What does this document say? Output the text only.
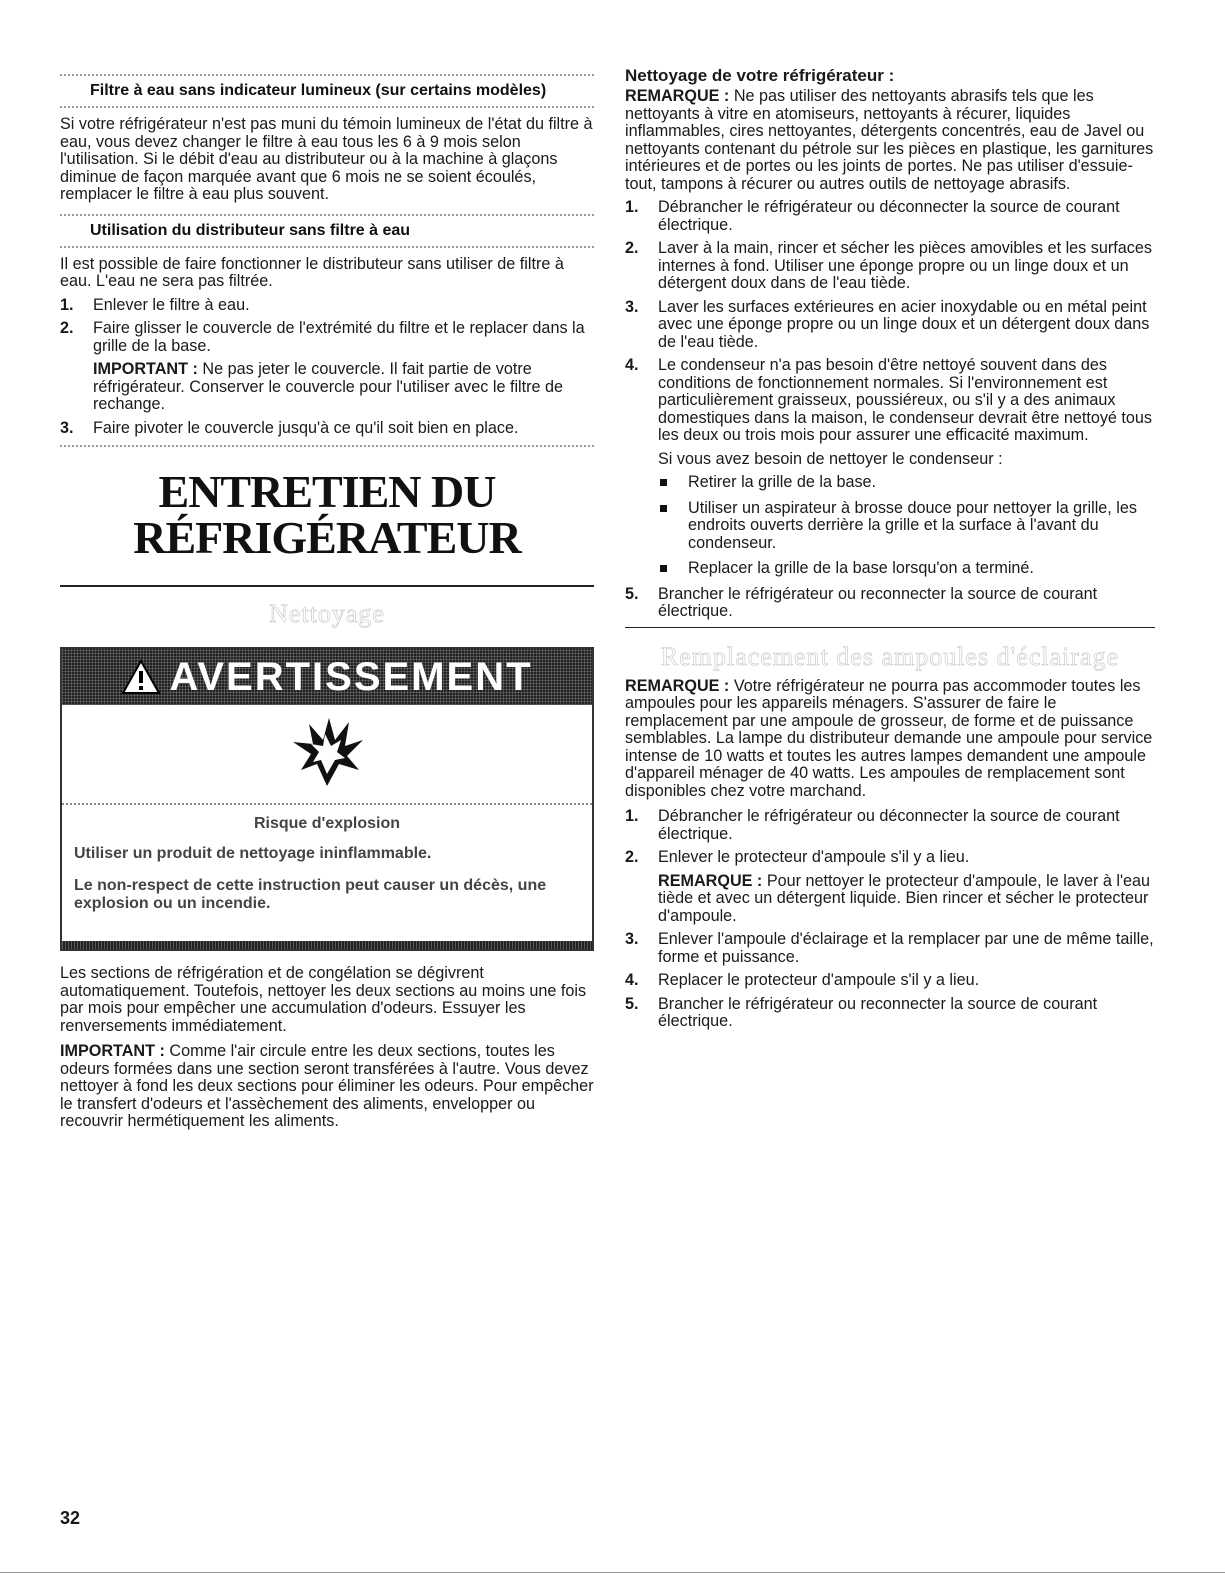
Filtre à eau sans indicateur lumineux (sur certains modèles)

Si votre réfrigérateur n'est pas muni du témoin lumineux de l'état du filtre à eau, vous devez changer le filtre à eau tous les 6 à 9 mois selon l'utilisation. Si le débit d'eau au distributeur ou à la machine à glaçons diminue de façon marquée avant que 6 mois ne se soient écoulés, remplacer le filtre à eau plus souvent.

Utilisation du distributeur sans filtre à eau

Il est possible de faire fonctionner le distributeur sans utiliser de filtre à eau. L'eau ne sera pas filtrée.

1. Enlever le filtre à eau.
2. Faire glisser le couvercle de l'extrémité du filtre et le replacer dans la grille de la base.
IMPORTANT : Ne pas jeter le couvercle. Il fait partie de votre réfrigérateur. Conserver le couvercle pour l'utiliser avec le filtre de rechange.
3. Faire pivoter le couvercle jusqu'à ce qu'il soit bien en place.
ENTRETIEN DU
RÉFRIGÉRATEUR
Nettoyage
AVERTISSEMENT
Risque d'explosion
Utiliser un produit de nettoyage ininflammable.
Le non-respect de cette instruction peut causer un décès, une explosion ou un incendie.

Les sections de réfrigération et de congélation se dégivrent automatiquement. Toutefois, nettoyer les deux sections au moins une fois par mois pour empêcher une accumulation d'odeurs. Essuyer les renversements immédiatement.

IMPORTANT : Comme l'air circule entre les deux sections, toutes les odeurs formées dans une section seront transférées à l'autre. Vous devez nettoyer à fond les deux sections pour éliminer les odeurs. Pour empêcher le transfert d'odeurs et l'assèchement des aliments, envelopper ou recouvrir hermétiquement les aliments.

Nettoyage de votre réfrigérateur :

REMARQUE : Ne pas utiliser des nettoyants abrasifs tels que les nettoyants à vitre en atomiseurs, nettoyants à récurer, liquides inflammables, cires nettoyantes, détergents concentrés, eau de Javel ou nettoyants contenant du pétrole sur les pièces en plastique, les garnitures intérieures et de portes ou les joints de portes. Ne pas utiliser d'essuie-tout, tampons à récurer ou autres outils de nettoyage abrasifs.

1. Débrancher le réfrigérateur ou déconnecter la source de courant électrique.
2. Laver à la main, rincer et sécher les pièces amovibles et les surfaces internes à fond. Utiliser une éponge propre ou un linge doux et un détergent doux dans de l'eau tiède.
3. Laver les surfaces extérieures en acier inoxydable ou en métal peint avec une éponge propre ou un linge doux et un détergent doux dans de l'eau tiède.
4. Le condenseur n'a pas besoin d'être nettoyé souvent dans des conditions de fonctionnement normales. Si l'environnement est particulièrement graisseux, poussiéreux, ou s'il y a des animaux domestiques dans la maison, le condenseur devrait être nettoyé tous les deux ou trois mois pour assurer une efficacité maximum.
Si vous avez besoin de nettoyer le condenseur :
Retirer la grille de la base.
Utiliser un aspirateur à brosse douce pour nettoyer la grille, les endroits ouverts derrière la grille et la surface à l'avant du condenseur.
Replacer la grille de la base lorsqu'on a terminé.
5. Brancher le réfrigérateur ou reconnecter la source de courant électrique.
Remplacement des ampoules d'éclairage

REMARQUE : Votre réfrigérateur ne pourra pas accommoder toutes les ampoules pour les appareils ménagers. S'assurer de faire le remplacement par une ampoule de grosseur, de forme et de puissance semblables. La lampe du distributeur demande une ampoule pour service intense de 10 watts et toutes les autres lampes demandent une ampoule d'appareil ménager de 40 watts. Les ampoules de remplacement sont disponibles chez votre marchand.

1. Débrancher le réfrigérateur ou déconnecter la source de courant électrique.
2. Enlever le protecteur d'ampoule s'il y a lieu.
REMARQUE : Pour nettoyer le protecteur d'ampoule, le laver à l'eau tiède et avec un détergent liquide. Bien rincer et sécher le protecteur d'ampoule.
3. Enlever l'ampoule d'éclairage et la remplacer par une de même taille, forme et puissance.
4. Replacer le protecteur d'ampoule s'il y a lieu.
5. Brancher le réfrigérateur ou reconnecter la source de courant électrique.
32
